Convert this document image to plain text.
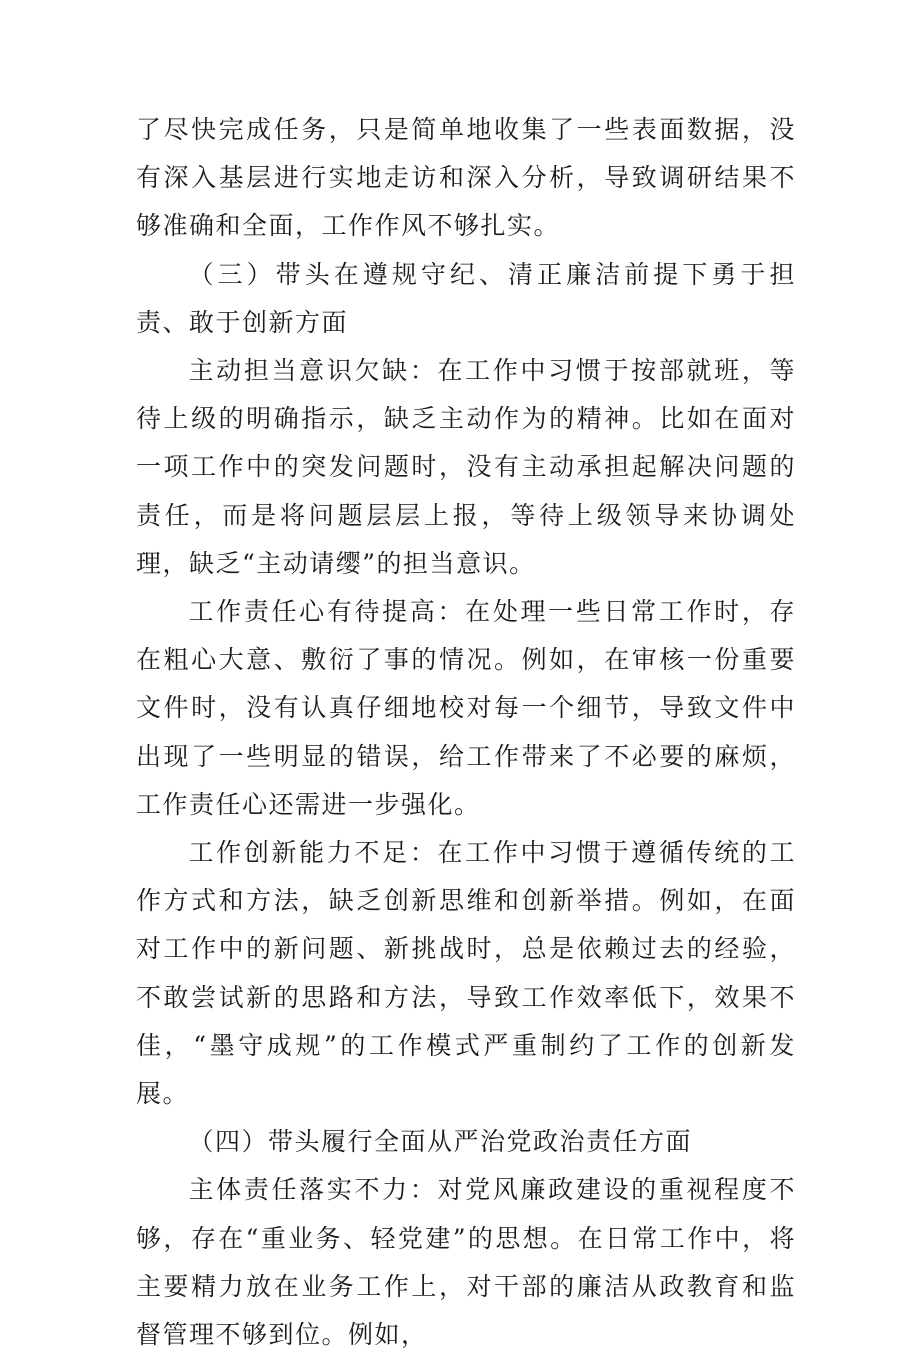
了尽快完成任务，只是简单地收集了一些表面数据，没有深入基层进行实地走访和深入分析，导致调研结果不够准确和全面，工作作风不够扎实。

（三）带头在遵规守纪、清正廉洁前提下勇于担责、敢于创新方面

主动担当意识欠缺：在工作中习惯于按部就班，等待上级的明确指示，缺乏主动作为的精神。比如在面对一项工作中的突发问题时，没有主动承担起解决问题的责任，而是将问题层层上报，等待上级领导来协调处理，缺乏“主动请缨”的担当意识。

工作责任心有待提高：在处理一些日常工作时，存在粗心大意、敷衍了事的情况。例如，在审核一份重要文件时，没有认真仔细地校对每一个细节，导致文件中出现了一些明显的错误，给工作带来了不必要的麻烦，工作责任心还需进一步强化。

工作创新能力不足：在工作中习惯于遵循传统的工作方式和方法，缺乏创新思维和创新举措。例如，在面对工作中的新问题、新挑战时，总是依赖过去的经验，不敢尝试新的思路和方法，导致工作效率低下，效果不佳，“墨守成规”的工作模式严重制约了工作的创新发展。

（四）带头履行全面从严治党政治责任方面

主体责任落实不力：对党风廉政建设的重视程度不够，存在“重业务、轻党建”的思想。在日常工作中，将主要精力放在业务工作上，对干部的廉洁从政教育和监督管理不够到位。例如，
